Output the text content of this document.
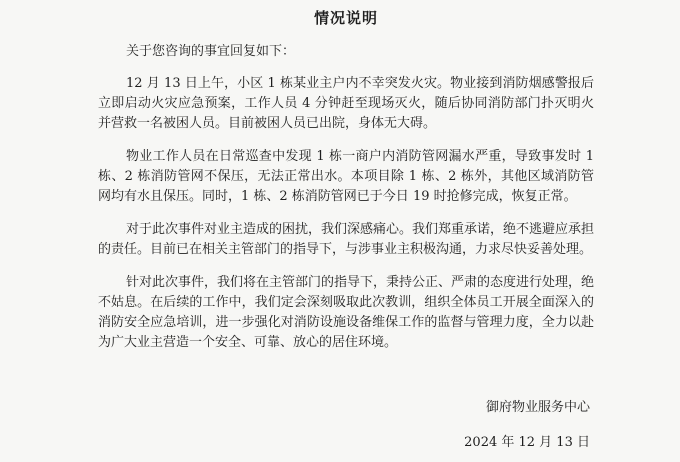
情况说明
关于您咨询的事宜回复如下：

12 月 13 日上午，小区 1 栋某业主户内不幸突发火灾。物业接到消防烟感警报后立即启动火灾应急预案，工作人员 4 分钟赶至现场灭火，随后协同消防部门扑灭明火并营救一名被困人员。目前被困人员已出院，身体无大碍。

物业工作人员在日常巡查中发现 1 栋一商户内消防管网漏水严重，导致事发时 1 栋、2 栋消防管网不保压，无法正常出水。本项目除 1 栋、2 栋外，其他区域消防管网均有水且保压。同时，1 栋、2 栋消防管网已于今日 19 时抢修完成，恢复正常。

对于此次事件对业主造成的困扰，我们深感痛心。我们郑重承诺，绝不逃避应承担的责任。目前已在相关主管部门的指导下，与涉事业主积极沟通，力求尽快妥善处理。

针对此次事件，我们将在主管部门的指导下，秉持公正、严肃的态度进行处理，绝不姑息。在后续的工作中，我们定会深刻吸取此次教训，组织全体员工开展全面深入的消防安全应急培训，进一步强化对消防设施设备维保工作的监督与管理力度，全力以赴为广大业主营造一个安全、可靠、放心的居住环境。

御府物业服务中心
2024 年 12 月 13 日
